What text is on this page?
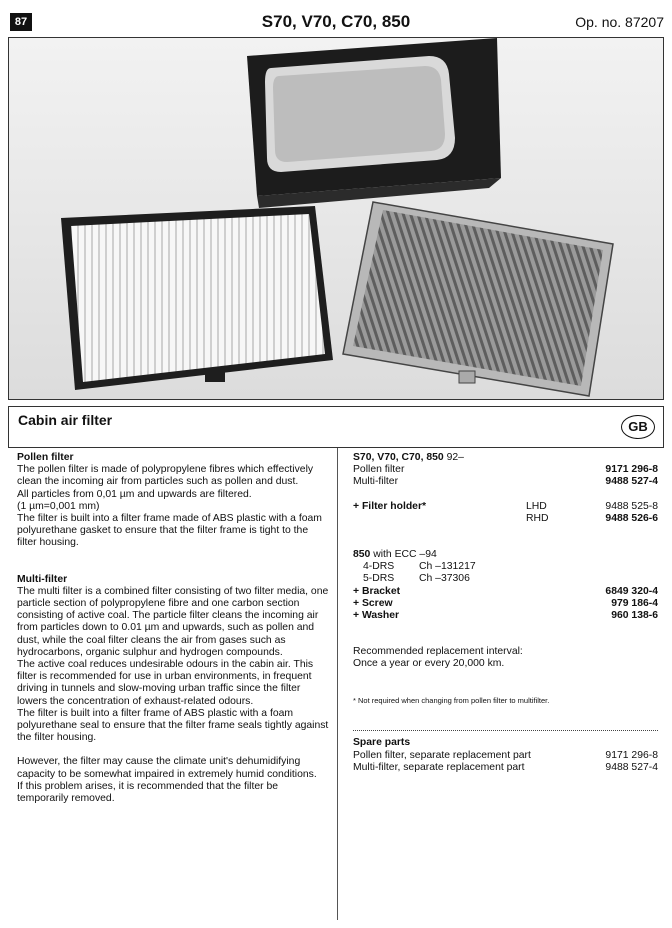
87	S70, V70, C70, 850	Op. no. 87207
Cabin air filter	GB

Pollen filter

The pollen filter is made of polypropylene fibres which effectively clean the incoming air from particles such as pollen and dust.

All particles from 0,01 µm and upwards are filtered.

(1 µm=0,001 mm)

The filter is built into a filter frame made of ABS plastic with a foam polyurethane gasket to ensure that the filter frame is tight to the filter housing.

Multi-filter

The multi filter is a combined filter consisting of two filter media, one particle section of polypropylene fibre and one carbon section consisting of active coal. The particle filter cleans the incoming air from particles down to 0.01 µm and upwards, such as pollen and dust, while the coal filter cleans the air from gases such as hydrocarbons, organic sulphur and hydrogen compounds.

The active coal reduces undesirable odours in the cabin air. This filter is recommended for use in urban environments, in frequent driving in tunnels and slow-moving urban traffic since the filter lowers the concentration of exhaust-related odours.

The filter is built into a filter frame of ABS plastic with a foam polyurethane seal to ensure that the filter frame seals tightly against the filter housing.

However, the filter may cause the climate unit's dehumidifying capacity to be somewhat impaired in extremely humid conditions.

If this problem arises, it is recommended that the filter be temporarily removed.

S70, V70, C70, 850 92–
Pollen filter	9171 296-8
Multi-filter	9488 527-4
+ Filter holder*	LHD	9488 525-8
RHD	9488 526-6
850 with ECC –94
4-DRS Ch –131217
5-DRS Ch –37306
+ Bracket	6849 320-4
+ Screw	979 186-4
+ Washer	960 138-6
Recommended replacement interval:
Once a year or every 20,000 km.
* Not required when changing from pollen filter to multifilter.
Spare parts
Pollen filter, separate replacement part	9171 296-8
Multi-filter, separate replacement part	9488 527-4
